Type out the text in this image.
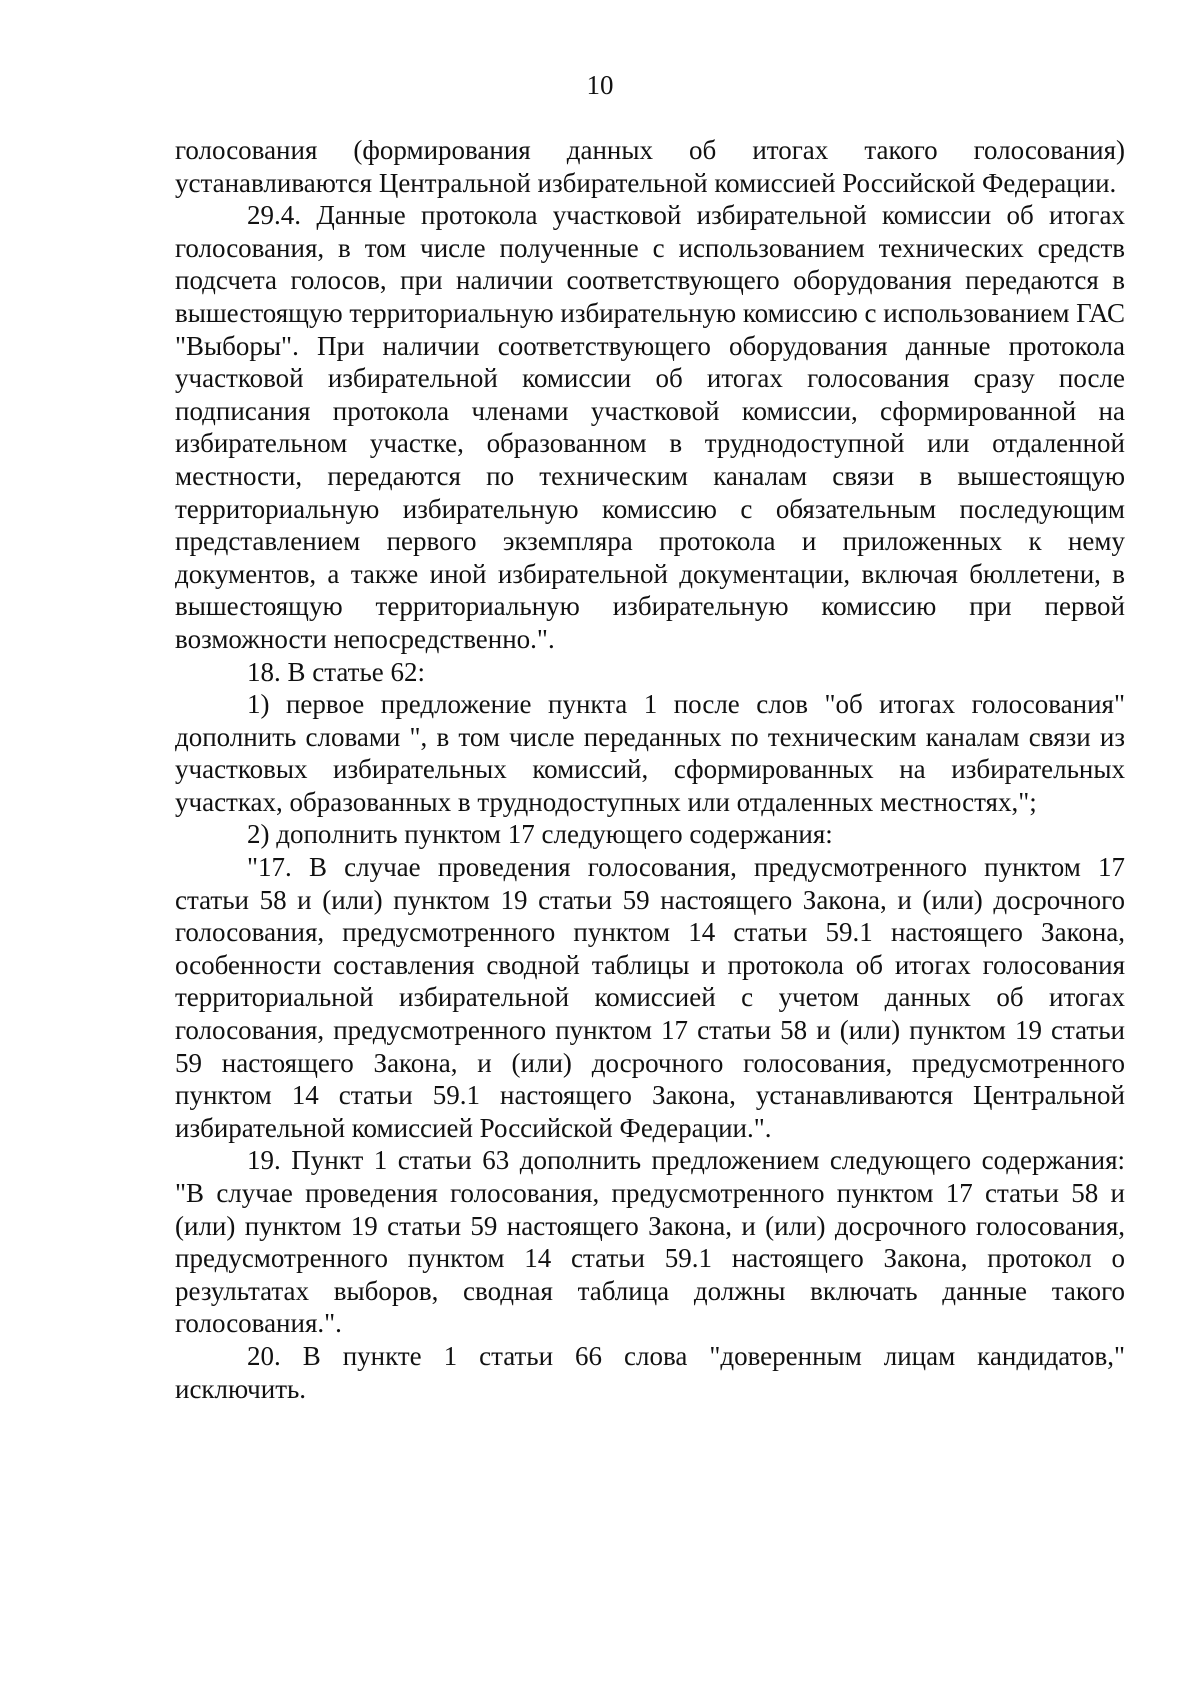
10

голосования (формирования данных об итогах такого голосования) устанавливаются Центральной избирательной комиссией Российской Федерации.

29.4. Данные протокола участковой избирательной комиссии об итогах голосования, в том числе полученные с использованием технических средств подсчета голосов, при наличии соответствующего оборудования передаются в вышестоящую территориальную избирательную комиссию с использованием ГАС "Выборы". При наличии соответствующего оборудования данные протокола участковой избирательной комиссии об итогах голосования сразу после подписания протокола членами участковой комиссии, сформированной на избирательном участке, образованном в труднодоступной или отдаленной местности, передаются по техническим каналам связи в вышестоящую территориальную избирательную комиссию с обязательным последующим представлением первого экземпляра протокола и приложенных к нему документов, а также иной избирательной документации, включая бюллетени, в вышестоящую территориальную избирательную комиссию при первой возможности непосредственно.".

18. В статье 62:

1) первое предложение пункта 1 после слов "об итогах голосования" дополнить словами ", в том числе переданных по техническим каналам связи из участковых избирательных комиссий, сформированных на избирательных участках, образованных в труднодоступных или отдаленных местностях,";

2) дополнить пунктом 17 следующего содержания:

"17. В случае проведения голосования, предусмотренного пунктом 17 статьи 58 и (или) пунктом 19 статьи 59 настоящего Закона, и (или) досрочного голосования, предусмотренного пунктом 14 статьи 59.1 настоящего Закона, особенности составления сводной таблицы и протокола об итогах голосования территориальной избирательной комиссией с учетом данных об итогах голосования, предусмотренного пунктом 17 статьи 58 и (или) пунктом 19 статьи 59 настоящего Закона, и (или) досрочного голосования, предусмотренного пунктом 14 статьи 59.1 настоящего Закона, устанавливаются Центральной избирательной комиссией Российской Федерации.".

19. Пункт 1 статьи 63 дополнить предложением следующего содержания: "В случае проведения голосования, предусмотренного пунктом 17 статьи 58 и (или) пунктом 19 статьи 59 настоящего Закона, и (или) досрочного голосования, предусмотренного пунктом 14 статьи 59.1 настоящего Закона, протокол о результатах выборов, сводная таблица должны включать данные такого голосования.".

20. В пункте 1 статьи 66 слова "доверенным лицам кандидатов," исключить.
